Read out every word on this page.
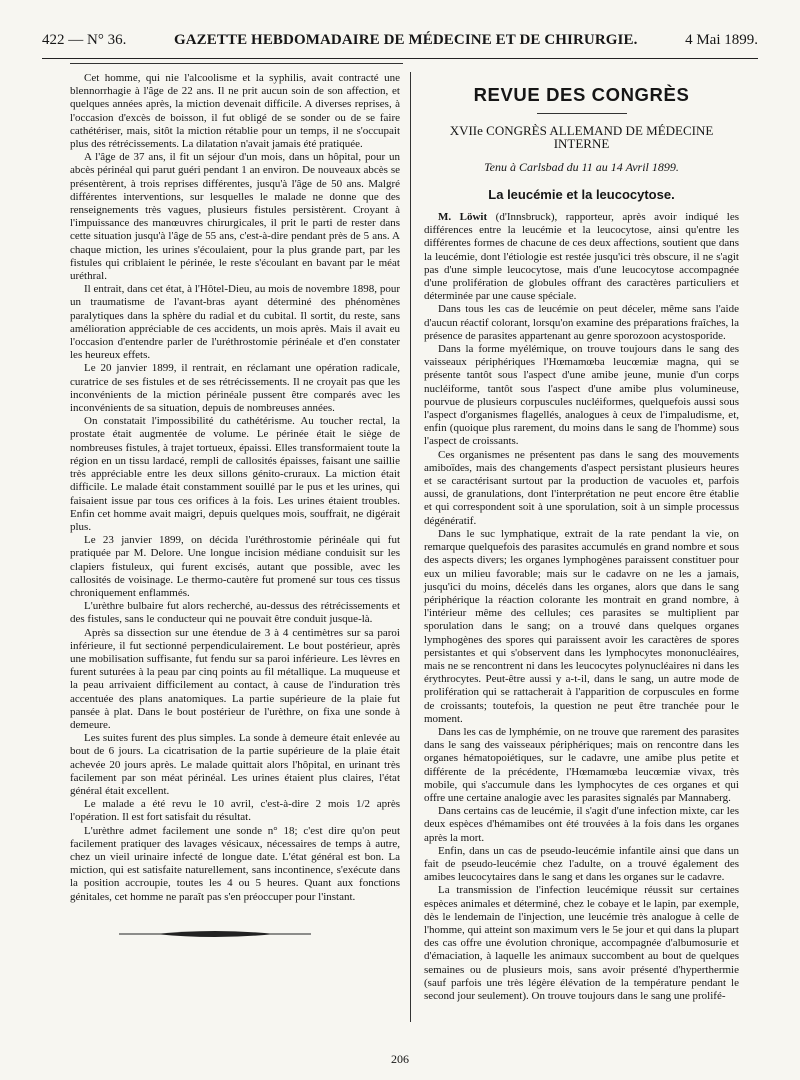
422 — N° 36.	GAZETTE HEBDOMADAIRE DE MÉDECINE ET DE CHIRURGIE.	4 Mai 1899.

Cet homme, qui nie l'alcoolisme et la syphilis, avait contracté une blennorrhagie à l'âge de 22 ans. Il ne prit aucun soin de son affection, et quelques années après, la miction devenait difficile. A diverses reprises, à l'occasion d'excès de boisson, il fut obligé de se sonder ou de se faire cathétériser, mais, sitôt la miction rétablie pour un temps, il ne s'occupait plus des rétrécissements. La dilatation n'avait jamais été pratiquée.

A l'âge de 37 ans, il fit un séjour d'un mois, dans un hôpital, pour un abcès périnéal qui parut guéri pendant 1 an environ. De nouveaux abcès se présentèrent, à trois reprises différentes, jusqu'à l'âge de 50 ans. Malgré différentes interventions, sur lesquelles le malade ne donne que des renseignements très vagues, plusieurs fistules persistèrent. Croyant à l'impuissance des manœuvres chirurgicales, il prit le parti de rester dans cette situation jusqu'à l'âge de 55 ans, c'est-à-dire pendant près de 5 ans. A chaque miction, les urines s'écoulaient, pour la plus grande part, par les fistules qui criblaient le périnée, le reste s'écoulant en bavant par le méat uréthral.

Il entrait, dans cet état, à l'Hôtel-Dieu, au mois de novembre 1898, pour un traumatisme de l'avant-bras ayant déterminé des phénomènes paralytiques dans la sphère du radial et du cubital. Il sortit, du reste, sans amélioration appréciable de ces accidents, un mois après. Mais il avait eu l'occasion d'entendre parler de l'uréthrostomie périnéale et d'en constater les heureux effets.

Le 20 janvier 1899, il rentrait, en réclamant une opération radicale, curatrice de ses fistules et de ses rétrécissements. Il ne croyait pas que les inconvénients de la miction périnéale pussent être comparés avec les inconvénients de sa situation, depuis de nombreuses années.

On constatait l'impossibilité du cathétérisme. Au toucher rectal, la prostate était augmentée de volume. Le périnée était le siège de nombreuses fistules, à trajet tortueux, épaissi. Elles transformaient toute la région en un tissu lardacé, rempli de callosités épaisses, faisant une saillie très appréciable entre les deux sillons génito-cruraux. La miction était difficile. Le malade était constamment souillé par le pus et les urines, qui faisaient issue par tous ces orifices à la fois. Les urines étaient troubles. Enfin cet homme avait maigri, depuis quelques mois, souffrait, ne digérait plus.

Le 23 janvier 1899, on décida l'uréthrostomie périnéale qui fut pratiquée par M. Delore. Une longue incision médiane conduisit sur les clapiers fistuleux, qui furent excisés, autant que possible, avec les callosités de voisinage. Le thermo-cautère fut promené sur tous ces tissus chroniquement enflammés.

L'urèthre bulbaire fut alors recherché, au-dessus des rétrécissements et des fistules, sans le conducteur qui ne pouvait être conduit jusque-là.

Après sa dissection sur une étendue de 3 à 4 centimètres sur sa paroi inférieure, il fut sectionné perpendiculairement. Le bout postérieur, après une mobilisation suffisante, fut fendu sur sa paroi inférieure. Les lèvres en furent suturées à la peau par cinq points au fil métallique. La muqueuse et la peau arrivaient difficilement au contact, à cause de l'induration très accentuée des plans anatomiques. La partie supérieure de la plaie fut pansée à plat. Dans le bout postérieur de l'urèthre, on fixa une sonde à demeure.

Les suites furent des plus simples. La sonde à demeure était enlevée au bout de 6 jours. La cicatrisation de la partie supérieure de la plaie était achevée 20 jours après. Le malade quittait alors l'hôpital, en urinant très facilement par son méat périnéal. Les urines étaient plus claires, l'état général était excellent.

Le malade a été revu le 10 avril, c'est-à-dire 2 mois 1/2 après l'opération. Il est fort satisfait du résultat.

L'urèthre admet facilement une sonde n° 18; c'est dire qu'on peut facilement pratiquer des lavages vésicaux, nécessaires de temps à autre, chez un vieil urinaire infecté de longue date. L'état général est bon. La miction, qui est satisfaite naturellement, sans incontinence, s'exécute dans la position accroupie, toutes les 4 ou 5 heures. Quant aux fonctions génitales, cet homme ne paraît pas s'en préoccuper pour l'instant.

REVUE DES CONGRÈS
XVIIe CONGRÈS ALLEMAND DE MÉDECINE INTERNE
Tenu à Carlsbad du 11 au 14 Avril 1899.
La leucémie et la leucocytose.

M. Löwit (d'Innsbruck), rapporteur, après avoir indiqué les différences entre la leucémie et la leucocytose, ainsi qu'entre les différentes formes de chacune de ces deux affections, soutient que dans la leucémie, dont l'étiologie est restée jusqu'ici très obscure, il ne s'agit pas d'une simple leucocytose, mais d'une leucocytose accompagnée d'une prolifération de globules offrant des caractères particuliers et déterminée par une cause spéciale.

Dans tous les cas de leucémie on peut déceler, même sans l'aide d'aucun réactif colorant, lorsqu'on examine des préparations fraîches, la présence de parasites appartenant au genre sporozoon acystosporide.

Dans la forme myélémique, on trouve toujours dans le sang des vaisseaux périphériques l'Hœmamœba leucœmiæ magna, qui se présente tantôt sous l'aspect d'une amibe jeune, munie d'un corps nucléiforme, tantôt sous l'aspect d'une amibe plus volumineuse, pourvue de plusieurs corpuscules nucléiformes, quelquefois aussi sous l'aspect d'organismes flagellés, analogues à ceux de l'impaludisme, et, enfin (quoique plus rarement, du moins dans le sang de l'homme) sous l'aspect de croissants.

Ces organismes ne présentent pas dans le sang des mouvements amiboïdes, mais des changements d'aspect persistant plusieurs heures et se caractérisant surtout par la production de vacuoles et, parfois aussi, de granulations, dont l'interprétation ne peut encore être établie et qui correspondent soit à une sporulation, soit à un simple processus dégénératif.

Dans le suc lymphatique, extrait de la rate pendant la vie, on remarque quelquefois des parasites accumulés en grand nombre et sous des aspects divers; les organes lymphogènes paraissent constituer pour eux un milieu favorable; mais sur le cadavre on ne les a jamais, jusqu'ici du moins, décelés dans les organes, alors que dans le sang périphérique la réaction colorante les montrait en grand nombre, à l'intérieur même des cellules; ces parasites se multiplient par sporulation dans le sang; on a trouvé dans quelques organes lymphogènes des spores qui paraissent avoir les caractères de spores persistantes et qui s'observent dans les lymphocytes mononucléaires, mais ne se rencontrent ni dans les leucocytes polynucléaires ni dans les érythrocytes. Peut-être aussi y a-t-il, dans le sang, un autre mode de prolifération qui se rattacherait à l'apparition de corpuscules en forme de croissants; toutefois, la question ne peut être tranchée pour le moment.

Dans les cas de lymphémie, on ne trouve que rarement des parasites dans le sang des vaisseaux périphériques; mais on rencontre dans les organes hématopoiétiques, sur le cadavre, une amibe plus petite et différente de la précédente, l'Hœmamœba leucœmiæ vivax, très mobile, qui s'accumule dans les lymphocytes de ces organes et qui offre une certaine analogie avec les parasites signalés par Mannaberg.

Dans certains cas de leucémie, il s'agit d'une infection mixte, car les deux espèces d'hémamibes ont été trouvées à la fois dans les organes après la mort.

Enfin, dans un cas de pseudo-leucémie infantile ainsi que dans un fait de pseudo-leucémie chez l'adulte, on a trouvé également des amibes leucocytaires dans le sang et dans les organes sur le cadavre.

La transmission de l'infection leucémique réussit sur certaines espèces animales et déterminé, chez le cobaye et le lapin, par exemple, dès le lendemain de l'injection, une leucémie très analogue à celle de l'homme, qui atteint son maximum vers le 5e jour et qui dans la plupart des cas offre une évolution chronique, accompagnée d'albumosurie et d'émaciation, à laquelle les animaux succombent au bout de quelques semaines ou de plusieurs mois, sans avoir présenté d'hyperthermie (sauf parfois une très légère élévation de la température pendant le second jour seulement). On trouve toujours dans le sang une prolifé-

206
